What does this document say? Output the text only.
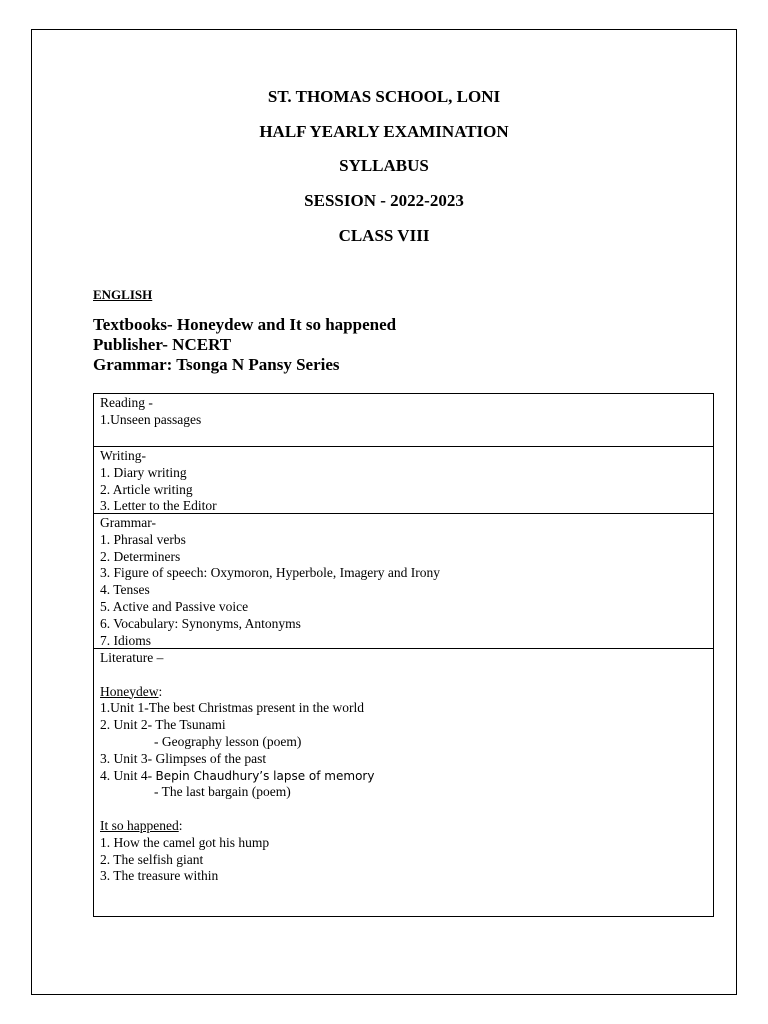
ST. THOMAS SCHOOL, LONI
HALF YEARLY EXAMINATION
SYLLABUS
SESSION - 2022-2023
CLASS VIII
ENGLISH
Textbooks- Honeydew and It so happened
Publisher- NCERT
Grammar: Tsonga N Pansy Series
Reading -
1.Unseen passages
Writing-
1. Diary writing
2. Article writing
3. Letter to the Editor
Grammar-
1. Phrasal verbs
2. Determiners
3. Figure of speech: Oxymoron, Hyperbole, Imagery and Irony
4. Tenses
5. Active and Passive voice
6. Vocabulary: Synonyms, Antonyms
7. Idioms
Literature –
Honeydew:
1.Unit 1-The best Christmas present in the world
2. Unit 2- The Tsunami
- Geography lesson (poem)
3. Unit 3- Glimpses of the past
4. Unit 4- Bepin Chaudhury’s lapse of memory
- The last bargain (poem)
It so happened:
1. How the camel got his hump
2. The selfish giant
3. The treasure within
